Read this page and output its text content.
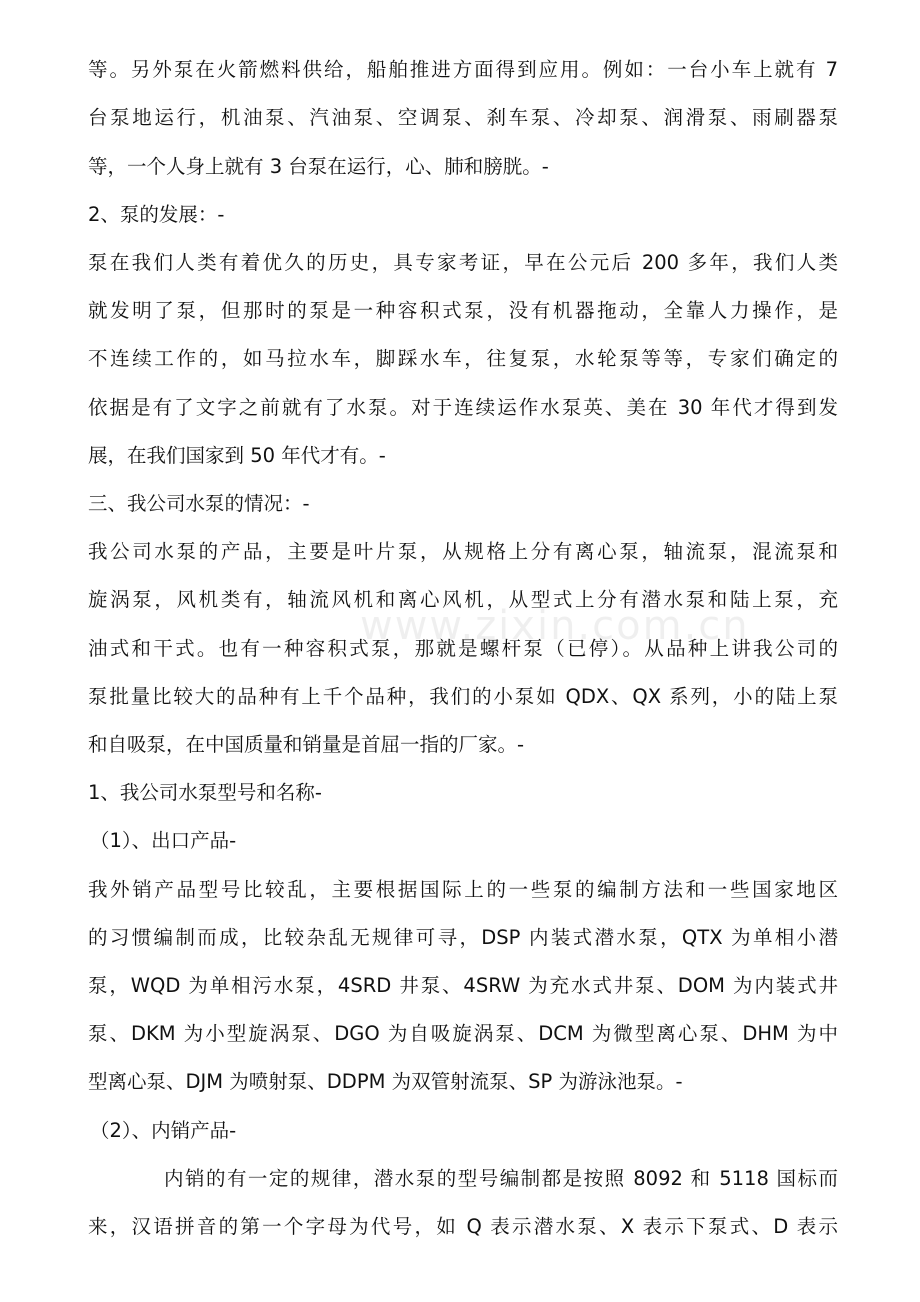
www.zixin.com.cn
等。另外泵在火箭燃料供给，船舶推进方面得到应用。例如：一台小车上就有 7
台泵地运行，机油泵、汽油泵、空调泵、刹车泵、冷却泵、润滑泵、雨刷器泵
等，一个人身上就有 3 台泵在运行，心、肺和膀胱。-
2、泵的发展：-
泵在我们人类有着优久的历史，具专家考证，早在公元后 200 多年，我们人类
就发明了泵，但那时的泵是一种容积式泵，没有机器拖动，全靠人力操作，是
不连续工作的，如马拉水车，脚踩水车，往复泵，水轮泵等等，专家们确定的
依据是有了文字之前就有了水泵。对于连续运作水泵英、美在 30 年代才得到发
展，在我们国家到 50 年代才有。-
三、我公司水泵的情况：-
我公司水泵的产品，主要是叶片泵，从规格上分有离心泵，轴流泵，混流泵和
旋涡泵，风机类有，轴流风机和离心风机，从型式上分有潜水泵和陆上泵，充
油式和干式。也有一种容积式泵，那就是螺杆泵（已停）。从品种上讲我公司的
泵批量比较大的品种有上千个品种，我们的小泵如 QDX、QX 系列，小的陆上泵
和自吸泵，在中国质量和销量是首屈一指的厂家。-
1、我公司水泵型号和名称-
（1）、出口产品-
我外销产品型号比较乱，主要根据国际上的一些泵的编制方法和一些国家地区
的习惯编制而成，比较杂乱无规律可寻，DSP 内装式潜水泵，QTX 为单相小潜
泵，WQD 为单相污水泵，4SRD 井泵、4SRW 为充水式井泵、DOM 为内装式井
泵、DKM 为小型旋涡泵、DGO 为自吸旋涡泵、DCM 为微型离心泵、DHM 为中
型离心泵、DJM 为喷射泵、DDPM 为双管射流泵、SP 为游泳池泵。-
（2）、内销产品-
内销的有一定的规律，潜水泵的型号编制都是按照 8092 和 5118 国标而
来，汉语拼音的第一个字母为代号，如 Q 表示潜水泵、X 表示下泵式、D 表示
